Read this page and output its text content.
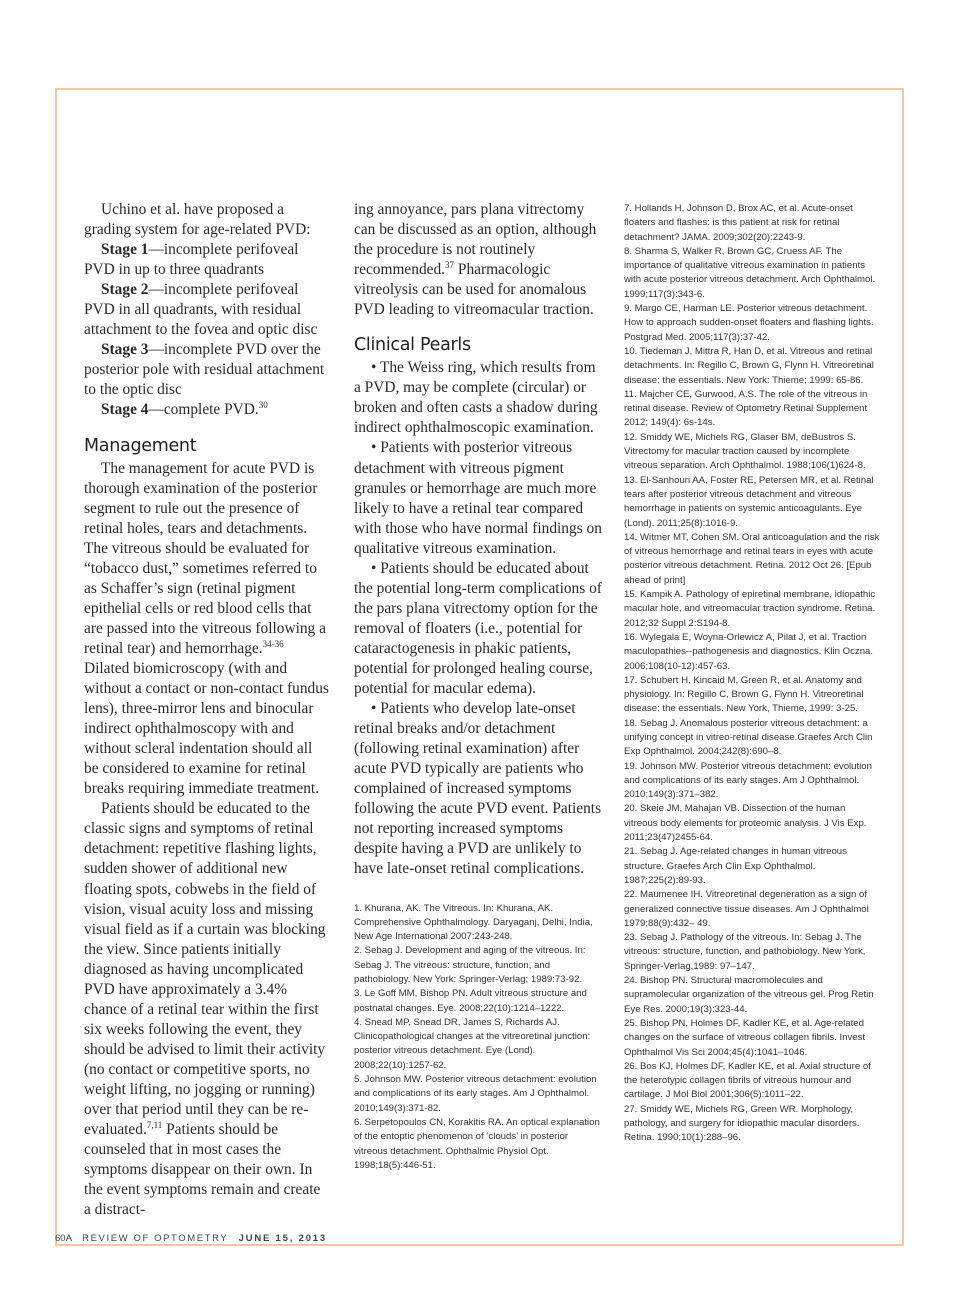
Uchino et al. have proposed a grading system for age-related PVD:

Stage 1—incomplete perifoveal PVD in up to three quadrants

Stage 2—incomplete perifoveal PVD in all quadrants, with residual attachment to the fovea and optic disc

Stage 3—incomplete PVD over the posterior pole with residual attachment to the optic disc

Stage 4—complete PVD.$^{30}$

Management

The management for acute PVD is thorough examination of the posterior segment to rule out the presence of retinal holes, tears and detachments. The vitreous should be evaluated for “tobacco dust,” sometimes referred to as Schaffer’s sign (retinal pigment epithelial cells or red blood cells that are passed into the vitreous following a retinal tear) and hemorrhage.$^{34-36}$ Dilated biomicroscopy (with and without a contact or non-contact fundus lens), three-mirror lens and binocular indirect ophthalmoscopy with and without scleral indentation should all be considered to examine for retinal breaks requiring immediate treatment.

Patients should be educated to the classic signs and symptoms of retinal detachment: repetitive flashing lights, sudden shower of additional new floating spots, cobwebs in the field of vision, visual acuity loss and missing visual field as if a curtain was blocking the view. Since patients initially diagnosed as having uncomplicated PVD have approximately a 3.4% chance of a retinal tear within the first six weeks following the event, they should be advised to limit their activity (no contact or competitive sports, no weight lifting, no jogging or running) over that period until they can be re-evaluated.$^{7,11}$ Patients should be counseled that in most cases the symptoms disappear on their own. In the event symptoms remain and create a distract-

ing annoyance, pars plana vitrectomy can be discussed as an option, although the procedure is not routinely recommended.$^{37}$ Pharmacologic vitreolysis can be used for anomalous PVD leading to vitreomacular traction.

Clinical Pearls

• The Weiss ring, which results from a PVD, may be complete (circular) or broken and often casts a shadow during indirect ophthalmoscopic examination.

• Patients with posterior vitreous detachment with vitreous pigment granules or hemorrhage are much more likely to have a retinal tear compared with those who have normal findings on qualitative vitreous examination.

• Patients should be educated about the potential long-term complications of the pars plana vitrectomy option for the removal of floaters (i.e., potential for cataractogenesis in phakic patients, potential for prolonged healing course, potential for macular edema).

• Patients who develop late-onset retinal breaks and/or detachment (following retinal examination) after acute PVD typically are patients who complained of increased symptoms following the acute PVD event. Patients not reporting increased symptoms despite having a PVD are unlikely to have late-onset retinal complications.

1. Khurana, AK. The Vitreous. In: Khurana, AK. Comprehensive Ophthalmology. Daryaganj, Delhi, India, New Age International 2007:243-248.

2. Sebag J. Development and aging of the vitreous. In: Sebag J. The vitreous: structure, function, and pathobiology. New York: Springer-Verlag; 1989:73-92.

3. Le Goff MM, Bishop PN. Adult vitreous structure and postnatal changes. Eye. 2008;22(10):1214–1222.

4. Snead MP, Snead DR, James S, Richards AJ. Clinicopathological changes at the vitreoretinal junction: posterior vitreous detachment. Eye (Lond). 2008;22(10):1257-62.

5. Johnson MW. Posterior vitreous detachment: evolution and complications of its early stages. Am J Ophthalmol. 2010;149(3):371-82.

6. Serpetopoulos CN, Korakitis RA. An optical explanation of the entoptic phenomenon of ‘clouds’ in posterior vitreous detachment. Ophthalmic Physiol Opt. 1998;18(5):446-51.

7. Hollands H, Johnson D, Brox AC, et al. Acute-onset floaters and flashes: is this patient at risk for retinal detachment? JAMA. 2009;302(20):2243-9.

8. Sharma S, Walker R, Brown GC, Cruess AF. The importance of qualitative vitreous examination in patients with acute posterior vitreous detachment. Arch Ophthalmol. 1999;117(3):343-6.

9. Margo CE, Harman LE. Posterior vitreous detachment. How to approach sudden-onset floaters and flashing lights. Postgrad Med. 2005;117(3):37-42.

10. Tiedeman J, Mittra R, Han D, et al. Vitreous and retinal detachments. In: Regillo C, Brown G, Flynn H. Vitreoretinal disease: the essentials. New York: Thieme; 1999: 65-86.

11. Majcher CE, Gurwood, A.S. The role of the vitreous in retinal disease. Review of Optometry Retinal Supplement 2012; 149(4): 6s-14s.

12. Smiddy WE, Michels RG, Glaser BM, deBustros S. Vitrectomy for macular traction caused by incomplete vitreous separation. Arch Ophthalmol. 1988;106(1)624-8.

13. El-Sanhouri AA, Foster RE, Petersen MR, et al. Retinal tears after posterior vitreous detachment and vitreous hemorrhage in patients on systemic anticoagulants. Eye (Lond). 2011;25(8):1016-9.

14. Witmer MT, Cohen SM. Oral anticoagulation and the risk of vitreous hemorrhage and retinal tears in eyes with acute posterior vitreous detachment. Retina. 2012 Oct 26. [Epub ahead of print]

15. Kampik A. Pathology of epiretinal membrane, idiopathic macular hole, and vitreomacular traction syndrome. Retina. 2012;32 Suppl 2:S194-8.

16. Wylegala E, Woyna-Orlewicz A, Pilat J, et al. Traction maculopathies--pathogenesis and diagnostics. Klin Oczna. 2006;108(10-12):457-63.

17. Schubert H, Kincaid M, Green R, et al. Anatomy and physiology. In: Regillo C, Brown G, Flynn H. Vitreoretinal disease: the essentials. New York, Thieme, 1999: 3-25.

18. Sebag J. Anomalous posterior vitreous detachment: a unifying concept in vitreo-retinal disease.Graefes Arch Clin Exp Ophthalmol. 2004;242(8):690–8.

19. Johnson MW. Posterior vitreous detachment: evolution and complications of its early stages. Am J Ophthalmol. 2010;149(3):371–382.

20. Skeie JM, Mahajan VB. Dissection of the human vitreous body elements for proteomic analysis. J Vis Exp. 2011;23(47)2455-64.

21. Sebag J. Age-related changes in human vitreous structure. Graefes Arch Clin Exp Ophthalmol. 1987;225(2):89-93.

22. Maumenee IH. Vitreoretinal degeneration as a sign of generalized connective tissue diseases. Am J Ophthalmol 1979;88(9):432– 49.

23. Sebag J. Pathology of the vitreous. In: Sebag J. The vitreous: structure, function, and pathobiology. New York, Springer-Verlag,1989: 97–147.

24. Bishop PN. Structural macromolecules and supramolecular organization of the vitreous gel. Prog Retin Eye Res. 2000;19(3):323-44.

25. Bishop PN, Holmes DF, Kadler KE, et al. Age-related changes on the surface of vitreous collagen fibrils. Invest Ophthalmol Vis Sci 2004;45(4):1041–1046.

26. Bos KJ, Holmes DF, Kadler KE, et al. Axial structure of the heterotypic collagen fibrils of vitreous humour and cartilage. J Mol Biol 2001;306(5):1011–22.

27. Smiddy WE, Michels RG, Green WR. Morphology, pathology, and surgery for idiopathic macular disorders. Retina. 1990;10(1):288–96.

60A REVIEW OF OPTOMETRY JUNE 15, 2013
